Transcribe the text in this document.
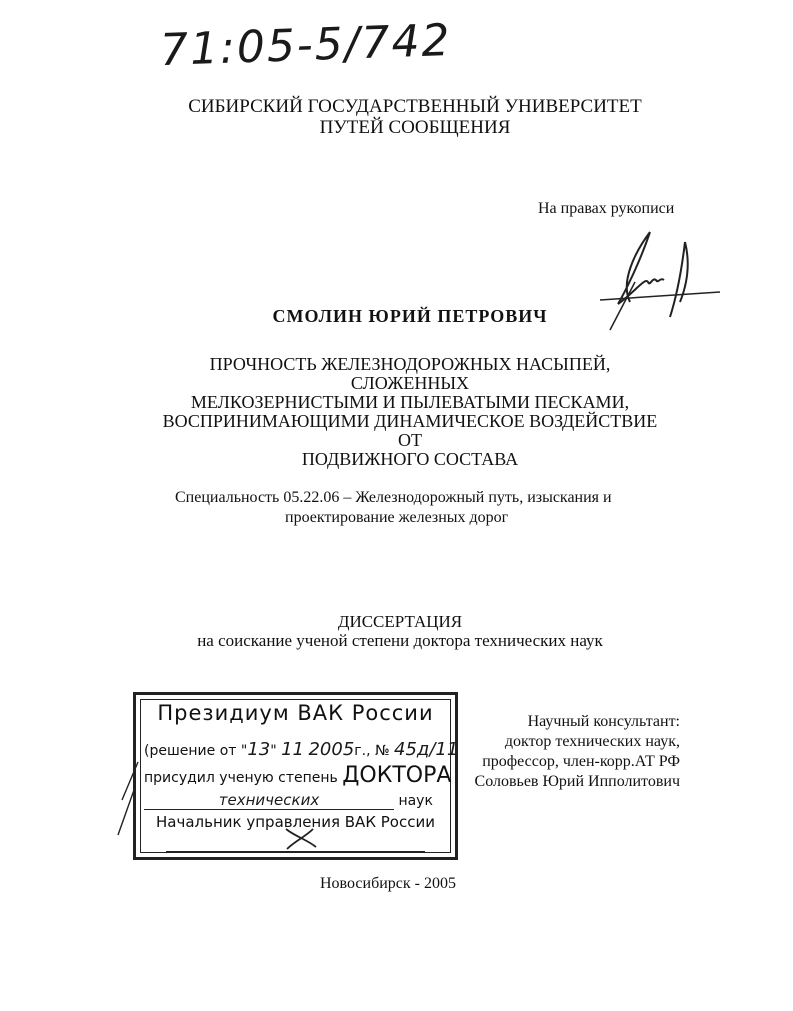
71:05-5/742
СИБИРСКИЙ ГОСУДАРСТВЕННЫЙ УНИВЕРСИТЕТ
ПУТЕЙ СООБЩЕНИЯ
На правах рукописи
СМОЛИН ЮРИЙ ПЕТРОВИЧ
ПРОЧНОСТЬ ЖЕЛЕЗНОДОРОЖНЫХ НАСЫПЕЙ, СЛОЖЕННЫХ
МЕЛКОЗЕРНИСТЫМИ И ПЫЛЕВАТЫМИ ПЕСКАМИ,
ВОСПРИНИМАЮЩИМИ ДИНАМИЧЕСКОЕ ВОЗДЕЙСТВИЕ ОТ
ПОДВИЖНОГО СОСТАВА
Специальность 05.22.06 – Железнодорожный путь, изыскания и
проектирование железных дорог
ДИССЕРТАЦИЯ
на соискание ученой степени доктора технических наук
Президиум ВАК России
(решение от "13" 11 2005г., № 45д/11
присудил ученую степень ДОКТОРА
технических	наук
Начальник управления ВАК России
Научный консультант:
доктор технических наук,
профессор, член-корр.АТ РФ
Соловьев Юрий Ипполитович
Новосибирск - 2005
